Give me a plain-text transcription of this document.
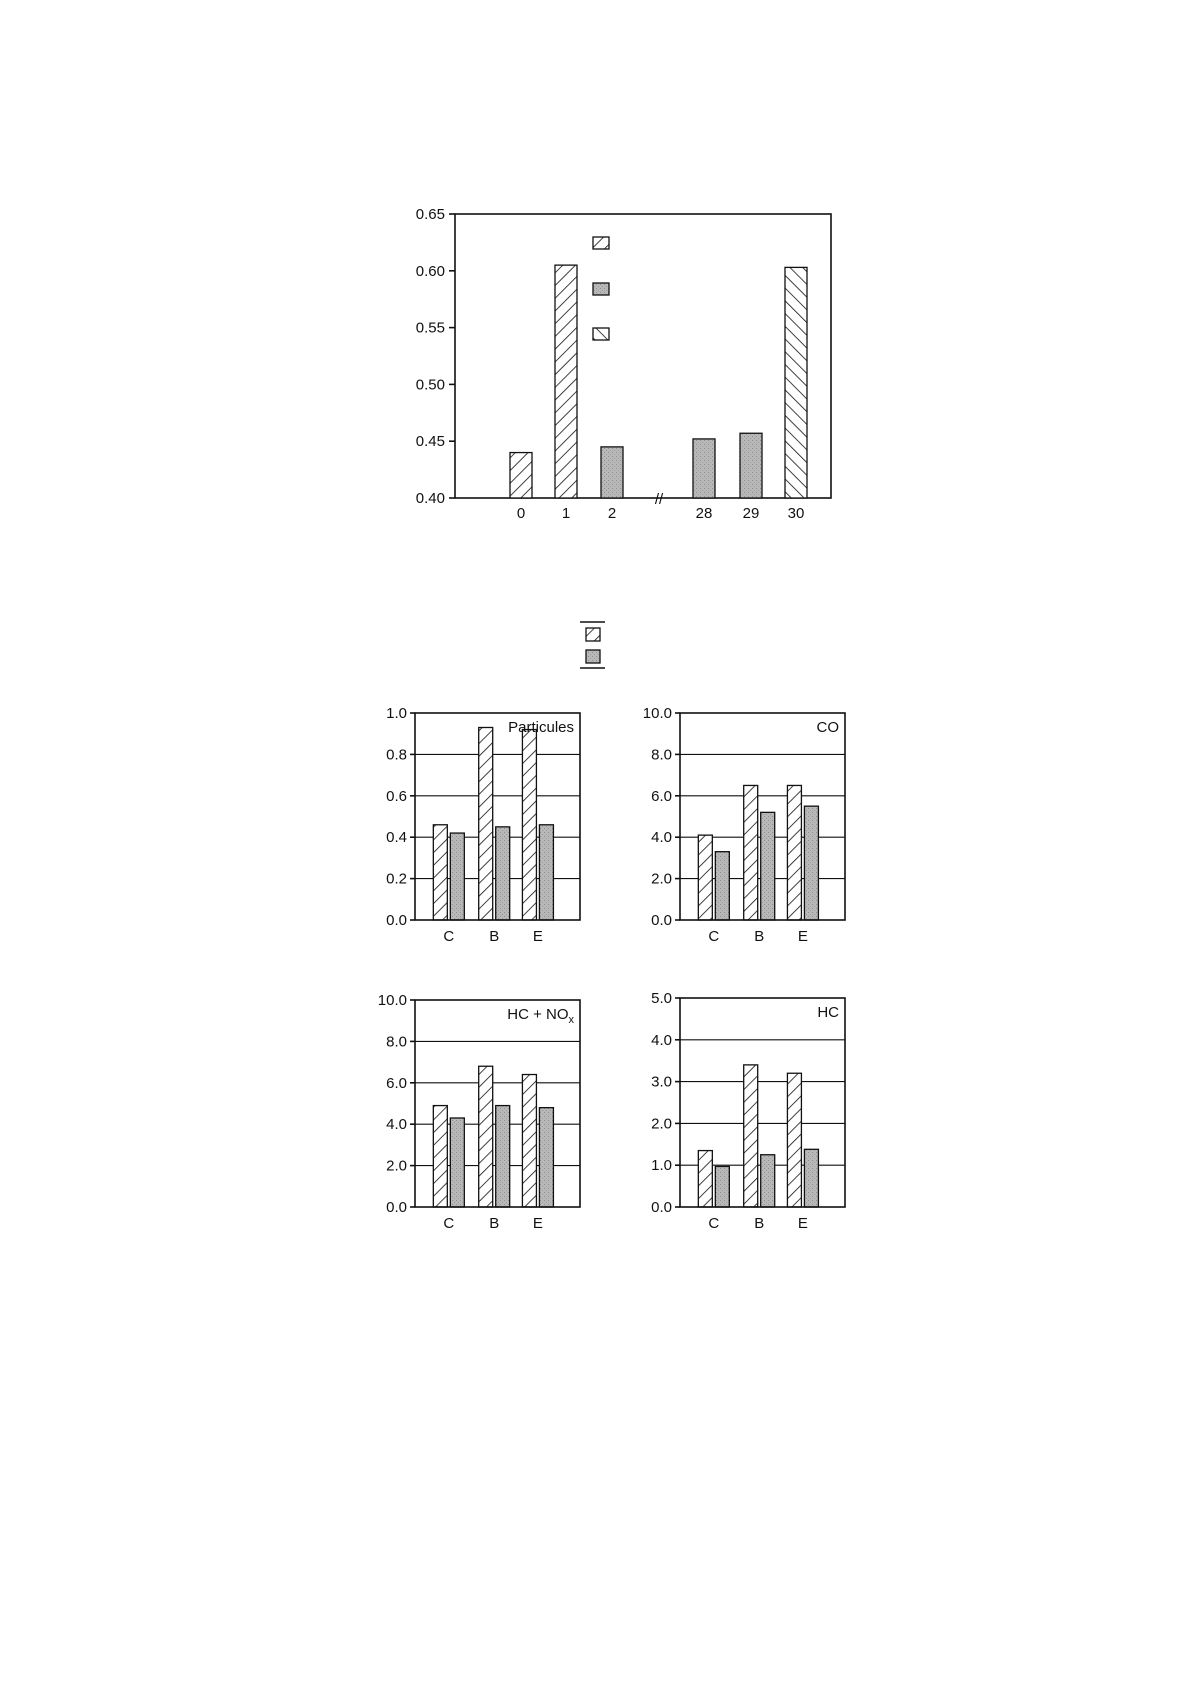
0.40
0.45
0.50
0.55
0.60
0.65
0 1	2	28 29 30
//
0.0
0.2
0.4
0.6
0.8
1.0
C B E
Particules
0.0
2.0
4.0
6.0
8.0
10.0
C B E
CO
0.0
2.0
4.0
6.0
8.0
10.0
C B E
HC + $NO_x$
0.0
1.0
2.0
3.0
4.0
5.0
C B E
HC
